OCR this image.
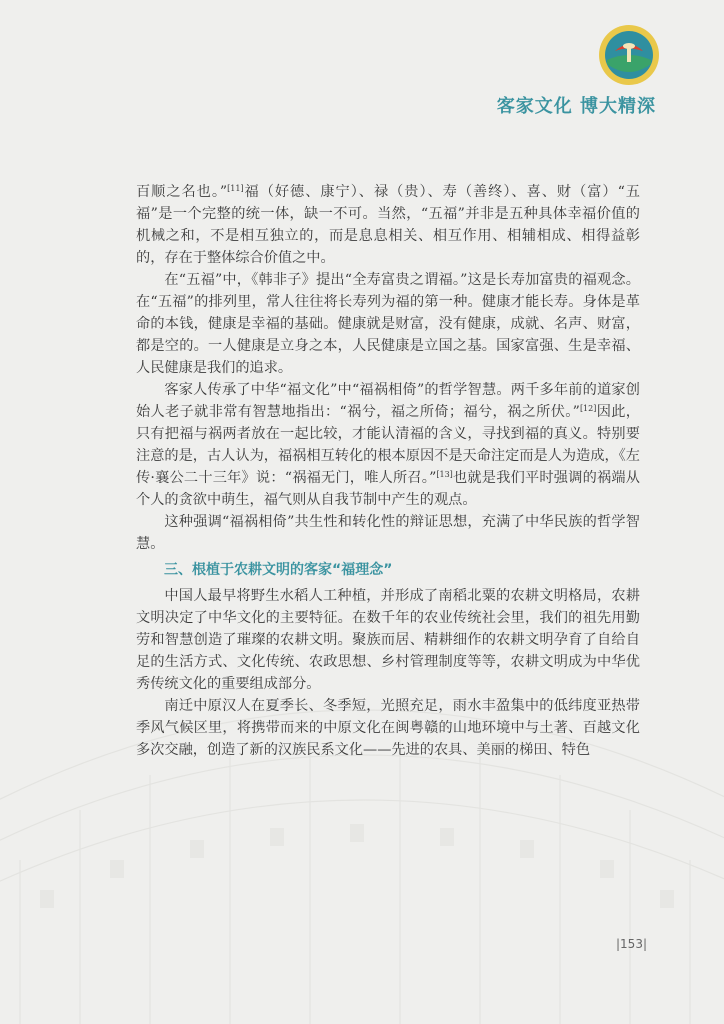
客家文化 博大精深

百顺之名也。”[11]福（好德、康宁）、禄（贵）、寿（善终）、喜、财（富）“五福”是一个完整的统一体，缺一不可。当然，“五福”并非是五种具体幸福价值的机械之和，不是相互独立的，而是息息相关、相互作用、相辅相成、相得益彰的，存在于整体综合价值之中。

在“五福”中，《韩非子》提出“全寿富贵之谓福。”这是长寿加富贵的福观念。在“五福”的排列里，常人往往将长寿列为福的第一种。健康才能长寿。身体是革命的本钱，健康是幸福的基础。健康就是财富，没有健康，成就、名声、财富，都是空的。一人健康是立身之本，人民健康是立国之基。国家富强、生是幸福、人民健康是我们的追求。

客家人传承了中华“福文化”中“福祸相倚”的哲学智慧。两千多年前的道家创始人老子就非常有智慧地指出：“祸兮，福之所倚；福兮，祸之所伏。”[12]因此，只有把福与祸两者放在一起比较，才能认清福的含义，寻找到福的真义。特别要注意的是，古人认为，福祸相互转化的根本原因不是天命注定而是人为造成，《左传·襄公二十三年》说：“祸福无门，唯人所召。”[13]也就是我们平时强调的祸端从个人的贪欲中萌生，福气则从自我节制中产生的观点。

这种强调“福祸相倚”共生性和转化性的辩证思想，充满了中华民族的哲学智慧。

三、根植于农耕文明的客家“福理念”

中国人最早将野生水稻人工种植，并形成了南稻北粟的农耕文明格局，农耕文明决定了中华文化的主要特征。在数千年的农业传统社会里，我们的祖先用勤劳和智慧创造了璀璨的农耕文明。聚族而居、精耕细作的农耕文明孕育了自给自足的生活方式、文化传统、农政思想、乡村管理制度等等，农耕文明成为中华优秀传统文化的重要组成部分。

南迁中原汉人在夏季长、冬季短，光照充足，雨水丰盈集中的低纬度亚热带季风气候区里，将携带而来的中原文化在闽粤赣的山地环境中与土著、百越文化多次交融，创造了新的汉族民系文化——先进的农具、美丽的梯田、特色

|153|
